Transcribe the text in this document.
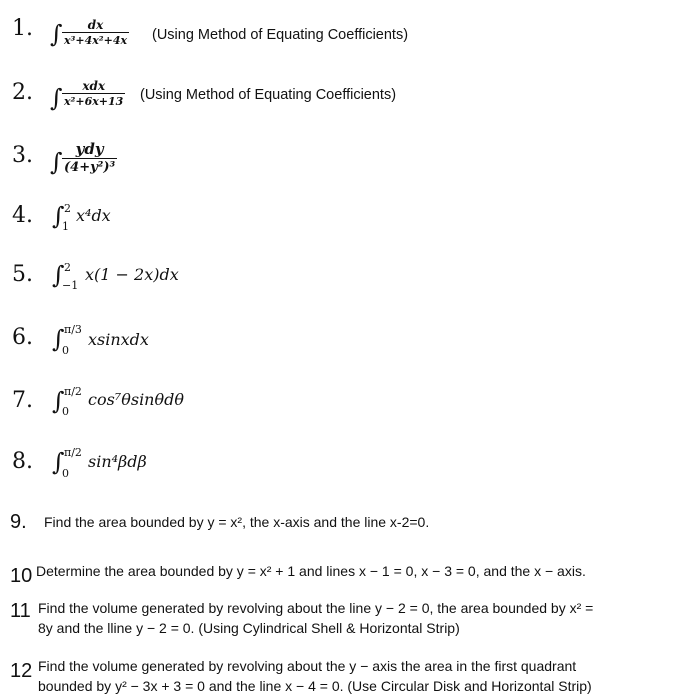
1. ∫ $\frac{dx}{\text{x³+4x²+4x}} (Using$ Method of Equating Coefficients)
2. ∫	xdx
x²+6x+13 (Using Method of Equating Coefficients)
3. ∫ ydy
(4+y²)³
4. ∫ 2
1
x⁴dx
5. ∫ 2
−1
x(1 − 2x)dx
6. ∫ π/3
0
xsinxdx
7. ∫ π/2
0
cos⁷θsinθdθ
8. ∫ π/2
0
sin⁴βdβ
9. Find the area bounded by y = x², the x-axis and the line x-2=0.
10 Determine the area bounded by y = x² + 1 and lines x − 1 = 0, x − 3 = 0, and the x − axis.
11 Find the volume generated by revolving about the line y − 2 = 0, the area bounded by x² =
8y and the lline y − 2 = 0. (Using Cylindrical Shell & Horizontal Strip)
12 Find the volume generated by revolving about the y − axis the area in the first quadrant
bounded by y² − 3x + 3 = 0 and the line x − 4 = 0. (Use Circular Disk and Horizontal Strip)
